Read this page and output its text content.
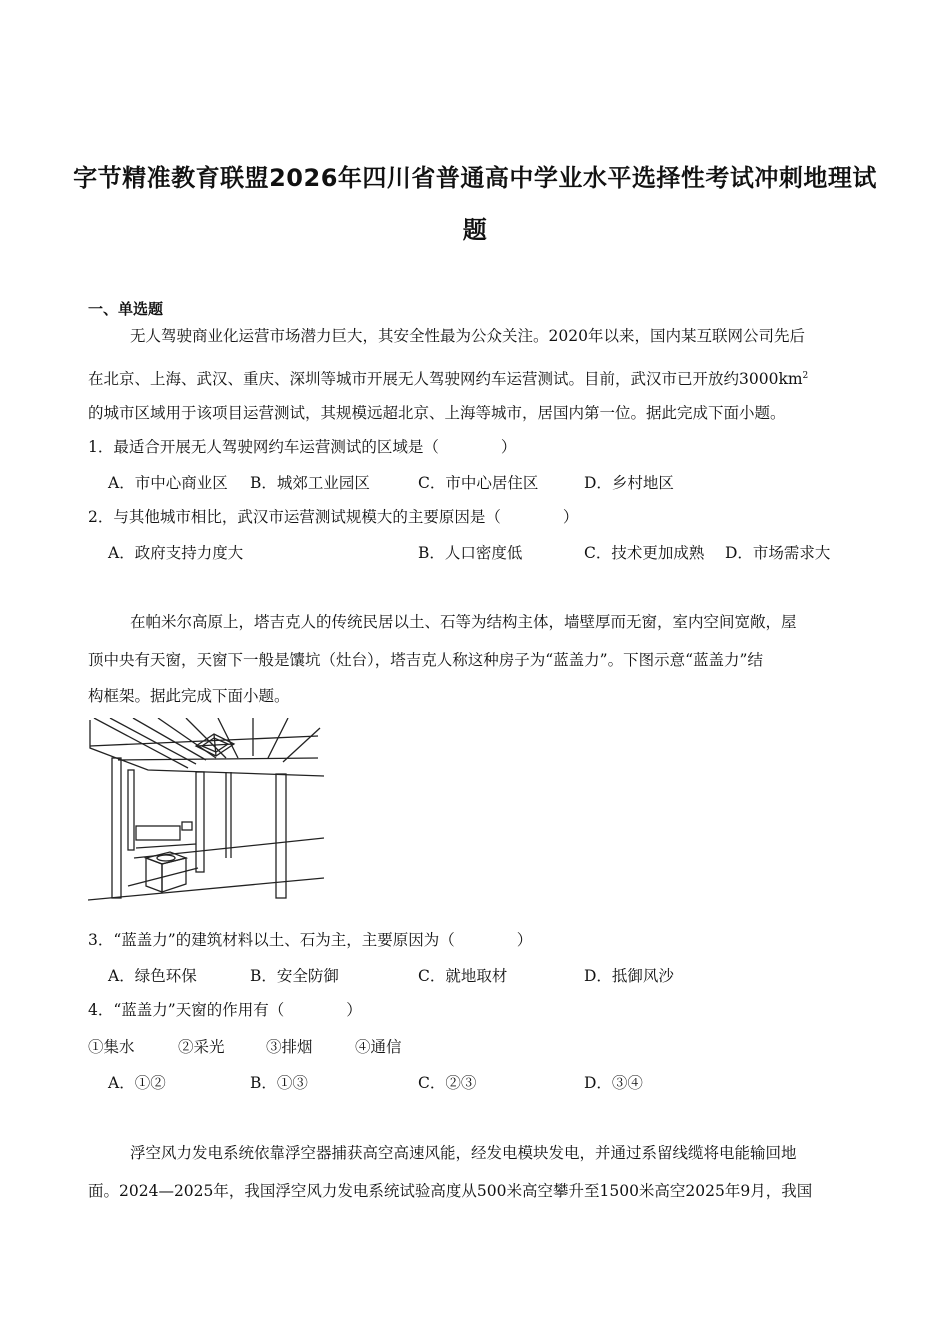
字节精准教育联盟2026年四川省普通高中学业水平选择性考试冲刺地理试
题
一、单选题
无人驾驶商业化运营市场潜力巨大，其安全性最为公众关注。2020年以来，国内某互联网公司先后
在北京、上海、武汉、重庆、深圳等城市开展无人驾驶网约车运营测试。目前，武汉市已开放约$3000km^2$
的城市区域用于该项目运营测试，其规模远超北京、上海等城市，居国内第一位。据此完成下面小题。
1．最适合开展无人驾驶网约车运营测试的区域是（　　　　）
A．市中心商业区 B．城郊工业园区	C．市中心居住区	D．乡村地区
2．与其他城市相比，武汉市运营测试规模大的主要原因是（　　　　）
A．政府支持力度大	B．人口密度低	C．技术更加成熟 D．市场需求大
在帕米尔高原上，塔吉克人的传统民居以土、石等为结构主体，墙壁厚而无窗，室内空间宽敞，屋
顶中央有天窗，天窗下一般是馕坑（灶台），塔吉克人称这种房子为“蓝盖力”。下图示意“蓝盖力”结
构框架。据此完成下面小题。
3．“蓝盖力”的建筑材料以土、石为主，主要原因为（　　　　）
A．绿色环保	B．安全防御	C．就地取材	D．抵御风沙
4．“蓝盖力”天窗的作用有（　　　　）
①集水	②采光	③排烟	④通信
A．①②	B．①③	C．②③	D．③④
浮空风力发电系统依靠浮空器捕获高空高速风能，经发电模块发电，并通过系留线缆将电能输回地
面。2024—2025年，我国浮空风力发电系统试验高度从500米高空攀升至1500米高空2025年9月，我国
